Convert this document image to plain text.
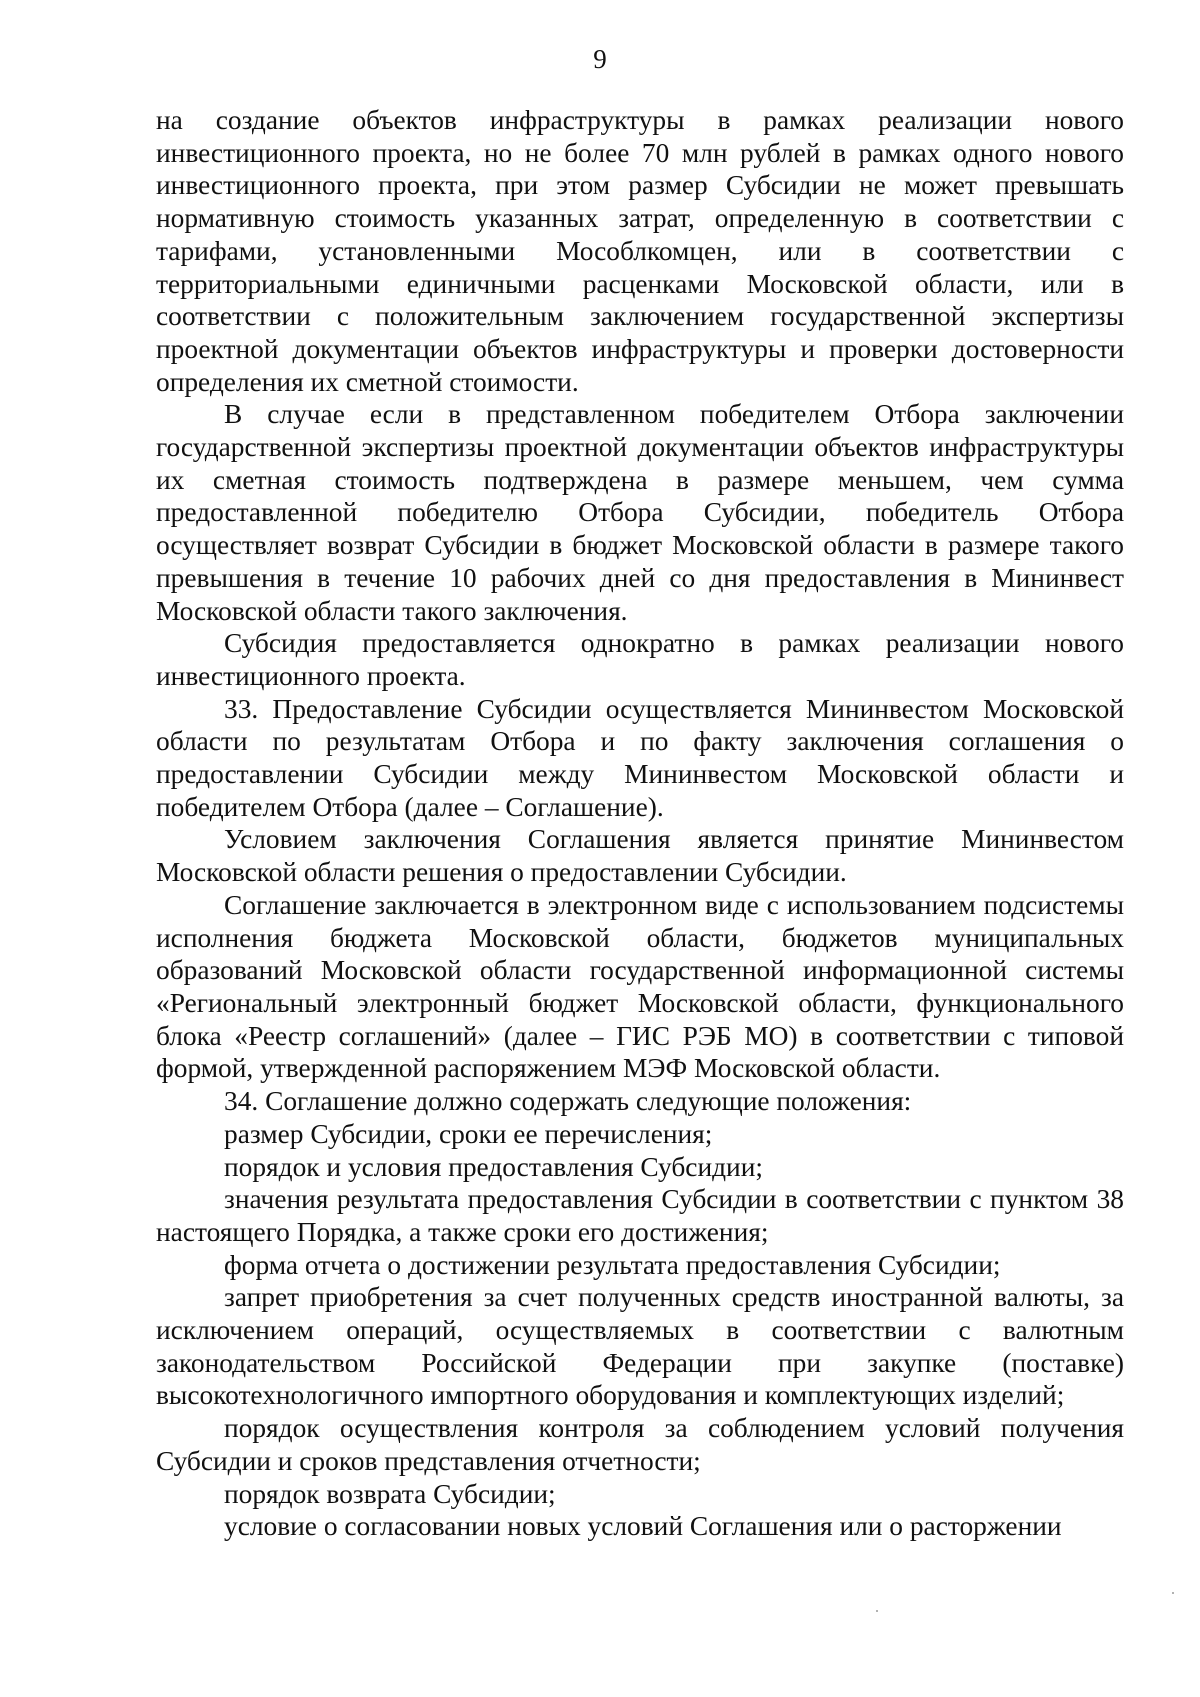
9

на создание объектов инфраструктуры в рамках реализации нового инвестиционного проекта, но не более 70 млн рублей в рамках одного нового инвестиционного проекта, при этом размер Субсидии не может превышать нормативную стоимость указанных затрат, определенную в соответствии с тарифами, установленными Мособлкомцен, или в соответствии с территориальными единичными расценками Московской области, или в соответствии с положительным заключением государственной экспертизы проектной документации объектов инфраструктуры и проверки достоверности определения их сметной стоимости.

В случае если в представленном победителем Отбора заключении государственной экспертизы проектной документации объектов инфраструктуры их сметная стоимость подтверждена в размере меньшем, чем сумма предоставленной победителю Отбора Субсидии, победитель Отбора осуществляет возврат Субсидии в бюджет Московской области в размере такого превышения в течение 10 рабочих дней со дня предоставления в Мининвест Московской области такого заключения.

Субсидия предоставляется однократно в рамках реализации нового инвестиционного проекта.

33. Предоставление Субсидии осуществляется Мининвестом Московской области по результатам Отбора и по факту заключения соглашения о предоставлении Субсидии между Мининвестом Московской области и победителем Отбора (далее – Соглашение).

Условием заключения Соглашения является принятие Мининвестом Московской области решения о предоставлении Субсидии.

Соглашение заключается в электронном виде с использованием подсистемы исполнения бюджета Московской области, бюджетов муниципальных образований Московской области государственной информационной системы «Региональный электронный бюджет Московской области, функционального блока «Реестр соглашений» (далее – ГИС РЭБ МО) в соответствии с типовой формой, утвержденной распоряжением МЭФ Московской области.

34. Соглашение должно содержать следующие положения:

размер Субсидии, сроки ее перечисления;

порядок и условия предоставления Субсидии;

значения результата предоставления Субсидии в соответствии с пунктом 38 настоящего Порядка, а также сроки его достижения;

форма отчета о достижении результата предоставления Субсидии;

запрет приобретения за счет полученных средств иностранной валюты, за исключением операций, осуществляемых в соответствии с валютным законодательством Российской Федерации при закупке (поставке) высокотехнологичного импортного оборудования и комплектующих изделий;

порядок осуществления контроля за соблюдением условий получения Субсидии и сроков представления отчетности;

порядок возврата Субсидии;

условие о согласовании новых условий Соглашения или о расторжении
